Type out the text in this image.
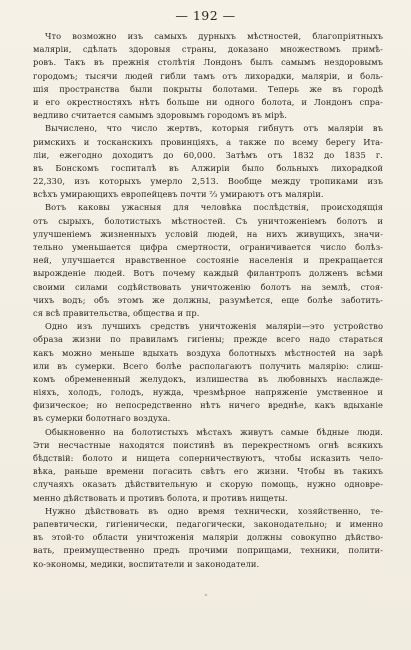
— 192 —
Что возможно изъ самыхъ дурныхъ мѣстностей, благопріятныхъ
маляріи, сдѣлать здоровыя страны, доказано множествомъ примѣ-
ровъ. Такъ въ прежнія столѣтія Лондонъ былъ самымъ нездоровымъ
городомъ; тысячи людей гибли тамъ отъ лихорадки, маляріи, и боль-
шія пространства были покрыты болотами. Теперь же въ городѣ
и его окрестностяхъ нѣтъ больше ни одного болота, и Лондонъ спра-
ведливо считается самымъ здоровымъ городомъ въ мірѣ.
Вычислено, что число жертвъ, которыя гибнутъ отъ маляріи въ
римскихъ и тосканскихъ провинціяхъ, а также по всему берегу Ита-
ліи, ежегодно доходитъ до 60,000. Затѣмъ отъ 1832 до 1835 г.
въ Бонскомъ госпиталѣ въ Алжиріи было больныхъ лихорадкой
22,330, изъ которыхъ умерло 2,513. Вообще между тропиками изъ
всѣхъ умирающихъ европейцевъ почти ⅔ умираютъ отъ маляріи.
Вотъ каковы ужасныя для человѣка послѣдствія, происходящія
отъ сырыхъ, болотистыхъ мѣстностей. Съ уничтоженіемъ болотъ и
улучшеніемъ жизненныхъ условій людей, на нихъ живущихъ, значи-
тельно уменьшается цифра смертности, ограничивается число болѣз-
ней, улучшается нравственное состояніе населенія и прекращается
вырожденіе людей. Вотъ почему каждый филантропъ долженъ всѣми
своими силами содѣйствовать уничтоженію болотъ на землѣ, стоя-
чихъ водъ; объ этомъ же должны, разумѣется, еще болѣе заботить-
ся всѣ правительства, общества и пр.
Одно изъ лучшихъ средствъ уничтоженія маляріи—это устройство
образа жизни по правиламъ гигіены; прежде всего надо стараться
какъ можно меньше вдыхать воздуха болотныхъ мѣстностей на зарѣ
или въ сумерки. Всего болѣе располагаютъ получить малярію: слиш-
комъ обремененный желудокъ, излишества въ любовныхъ наслажде-
ніяхъ, холодъ, голодъ, нужда, чрезмѣрное напряженіе умственное и
физическое; но непосредственно нѣтъ ничего вреднѣе, какъ вдыханіе
въ сумерки болотнаго воздуха.
Обыкновенно на болотистыхъ мѣстахъ живутъ самые бѣдные люди.
Эти несчастные находятся поистинѣ въ перекрестномъ огнѣ всякихъ
бѣдствій: болото и нищета соперничествуютъ, чтобы исказить чело-
вѣка, раньше времени погасить свѣтъ его жизни. Чтобы въ такихъ
случаяхъ оказать дѣйствительную и скорую помощь, нужно одновре-
менно дѣйствовать и противъ болота, и противъ нищеты.
Нужно дѣйствовать въ одно время технически, хозяйственно, те-
рапевтически, гигіенически, педагогически, законодательно; и именно
въ этой-то области уничтоженія маляріи должны совокупно дѣйство-
вать, преимущественно предъ прочими поприщами, техники, полити-
ко-экономы, медики, воспитатели и законодатели.
ˇ
